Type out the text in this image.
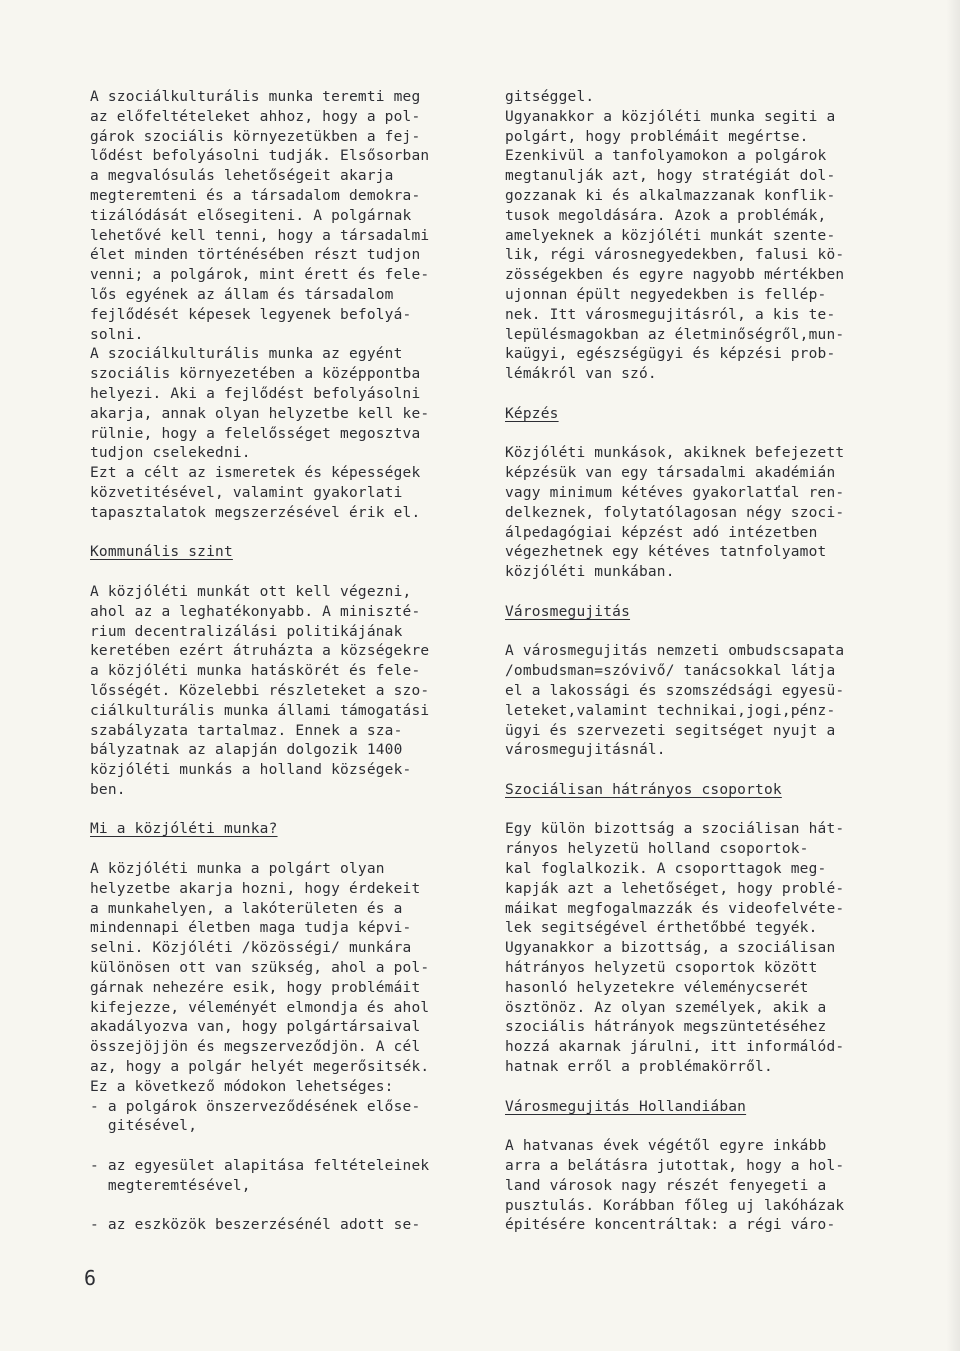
A szociálkulturális munka teremti meg
az előfeltételeket ahhoz, hogy a pol-
gárok szociális környezetükben a fej-
lődést befolyásolni tudják. Elsősorban
a megvalósulás lehetőségeit akarja
megteremteni és a társadalom demokra-
tizálódását elősegiteni. A polgárnak
lehetővé kell tenni, hogy a társadalmi
élet minden történésében részt tudjon
venni; a polgárok, mint érett és fele-
lős egyének az állam és társadalom
fejlődését képesek legyenek befolyá-
solni.
A szociálkulturális munka az egyént
szociális környezetében a középpontba
helyezi. Aki a fejlődést befolyásolni
akarja, annak olyan helyzetbe kell ke-
rülnie, hogy a felelősséget megosztva
tudjon cselekedni.
Ezt a célt az ismeretek és képességek
közvetitésével, valamint gyakorlati
tapasztalatok megszerzésével érik el.
Kommunális szint
A közjóléti munkát ott kell végezni,
ahol az a leghatékonyabb. A miniszté-
rium decentralizálási politikájának
keretében ezért átruházta a községekre
a közjóléti munka hatáskörét és fele-
lősségét. Közelebbi részleteket a szo-
ciálkulturális munka állami támogatási
szabályzata tartalmaz. Ennek a sza-
bályzatnak az alapján dolgozik 1400
közjóléti munkás a holland községek-
ben.
Mi a közjóléti munka?
A közjóléti munka a polgárt olyan
helyzetbe akarja hozni, hogy érdekeit
a munkahelyen, a lakóterületen és a
mindennapi életben maga tudja képvi-
selni. Közjóléti /közösségi/ munkára
különösen ott van szükség, ahol a pol-
gárnak nehezére esik, hogy problémáit
kifejezze, véleményét elmondja és ahol
akadályozva van, hogy polgártársaival
összejöjjön és megszerveződjön. A cél
az, hogy a polgár helyét megerősitsék.
Ez a következő módokon lehetséges:
- a polgárok önszerveződésének előse-
gitésével,
- az egyesület alapitása feltételeinek
megteremtésével,
- az eszközök beszerzésénél adott se-
gitséggel.
Ugyanakkor a közjóléti munka segiti a
polgárt, hogy problémáit megértse.
Ezenkivül a tanfolyamokon a polgárok
megtanulják azt, hogy stratégiát dol-
gozzanak ki és alkalmazzanak konflik-
tusok megoldására. Azok a problémák,
amelyeknek a közjóléti munkát szente-
lik, régi városnegyedekben, falusi kö-
zösségekben és egyre nagyobb mértékben
ujonnan épült negyedekben is fellép-
nek. Itt városmegujitásról, a kis te-
lepülésmagokban az életminőségről,mun-
kaügyi, egészségügyi és képzési prob-
lémákról van szó.
Képzés
Közjóléti munkások, akiknek befejezett
képzésük van egy társadalmi akadémián
vagy minimum kétéves gyakorlatťal ren-
delkeznek, folytatólagosan négy szoci-
álpedagógiai képzést adó intézetben
végezhetnek egy kétéves tatnfolyamot
közjóléti munkában.
Városmegujitás
A városmegujitás nemzeti ombudscsapata
/ombudsman=szóvivő/ tanácsokkal látja
el a lakossági és szomszédsági egyesü-
leteket,valamint technikai,jogi,pénz-
ügyi és szervezeti segitséget nyujt a
városmegujitásnál.
Szociálisan hátrányos csoportok
Egy külön bizottság a szociálisan hát-
rányos helyzetü holland csoportok-
kal foglalkozik. A csoporttagok meg-
kapják azt a lehetőséget, hogy problé-
máikat megfogalmazzák és videofelvéte-
lek segitségével érthetőbbé tegyék.
Ugyanakkor a bizottság, a szociálisan
hátrányos helyzetü csoportok között
hasonló helyzetekre véleménycserét
ösztönöz. Az olyan személyek, akik a
szociális hátrányok megszüntetéséhez
hozzá akarnak járulni, itt informálód-
hatnak erről a problémakörről.
Városmegujitás Hollandiában
A hatvanas évek végétől egyre inkább
arra a belátásra jutottak, hogy a hol-
land városok nagy részét fenyegeti a
pusztulás. Korábban főleg uj lakóházak
épitésére koncentráltak: a régi váro-
6
